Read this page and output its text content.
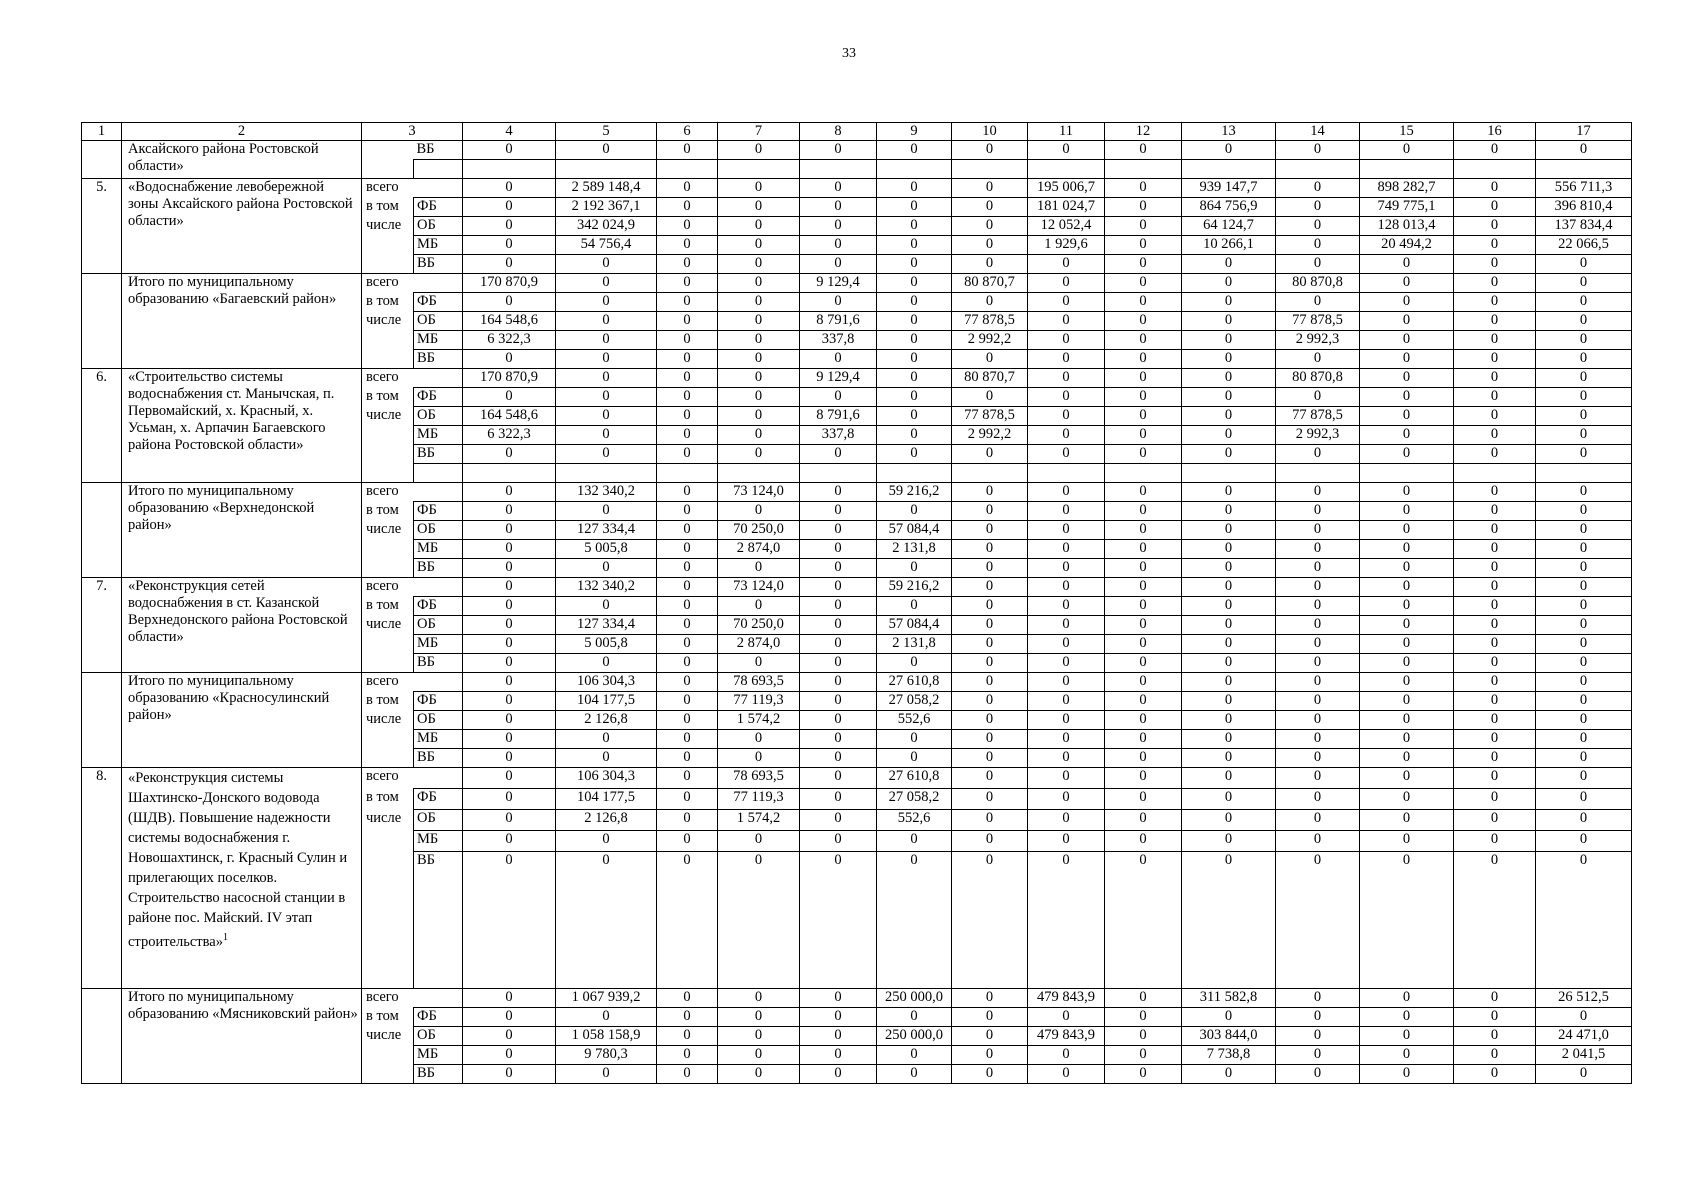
33
1	2	3		4	5	6	7	8	9	10	11	12	13	14	15	16	17
	Аксайского района Ростовской области»		ВБ	0	0	0	0	0	0	0	0	0	0	0	0	0	0

5.	«Водоснабжение левобережной зоны Аксайского района Ростовской области»	всего		0	2 589 148,4	0	0	0	0	0	195 006,7	0	939 147,7	0	898 282,7	0	556 711,3
		в том	ФБ	0	2 192 367,1	0	0	0	0	0	181 024,7	0	864 756,9	0	749 775,1	0	396 810,4
		числе	ОБ	0	342 024,9	0	0	0	0	0	12 052,4	0	64 124,7	0	128 013,4	0	137 834,4
			МБ	0	54 756,4	0	0	0	0	0	1 929,6	0	10 266,1	0	20 494,2	0	22 066,5
			ВБ	0	0	0	0	0	0	0	0	0	0	0	0	0	0
	Итого по муниципальному образованию «Багаевский район»	всего		170 870,9	0	0	0	9 129,4	0	80 870,7	0	0	0	80 870,8	0	0	0
		в том	ФБ	0	0	0	0	0	0	0	0	0	0	0	0	0	0
		числе	ОБ	164 548,6	0	0	0	8 791,6	0	77 878,5	0	0	0	77 878,5	0	0	0
			МБ	6 322,3	0	0	0	337,8	0	2 992,2	0	0	0	2 992,3	0	0	0
			ВБ	0	0	0	0	0	0	0	0	0	0	0	0	0	0
6.	«Строительство системы водоснабжения ст. Манычская, п. Первомайский, х. Красный, х. Усьман, х. Арпачин Багаевского района Ростовской области»	всего		170 870,9	0	0	0	9 129,4	0	80 870,7	0	0	0	80 870,8	0	0	0
		в том	ФБ	0	0	0	0	0	0	0	0	0	0	0	0	0	0
		числе	ОБ	164 548,6	0	0	0	8 791,6	0	77 878,5	0	0	0	77 878,5	0	0	0
			МБ	6 322,3	0	0	0	337,8	0	2 992,2	0	0	0	2 992,3	0	0	0
			ВБ	0	0	0	0	0	0	0	0	0	0	0	0	0	0

	Итого по муниципальному образованию «Верхнедонской район»	всего		0	132 340,2	0	73 124,0	0	59 216,2	0	0	0	0	0	0	0	0
		в том	ФБ	0	0	0	0	0	0	0	0	0	0	0	0	0	0
		числе	ОБ	0	127 334,4	0	70 250,0	0	57 084,4	0	0	0	0	0	0	0	0
			МБ	0	5 005,8	0	2 874,0	0	2 131,8	0	0	0	0	0	0	0	0
			ВБ	0	0	0	0	0	0	0	0	0	0	0	0	0	0
7.	«Реконструкция сетей водоснабжения в ст. Казанской Верхнедонского района Ростовской области»	всего		0	132 340,2	0	73 124,0	0	59 216,2	0	0	0	0	0	0	0	0
		в том	ФБ	0	0	0	0	0	0	0	0	0	0	0	0	0	0
		числе	ОБ	0	127 334,4	0	70 250,0	0	57 084,4	0	0	0	0	0	0	0	0
			МБ	0	5 005,8	0	2 874,0	0	2 131,8	0	0	0	0	0	0	0	0
			ВБ	0	0	0	0	0	0	0	0	0	0	0	0	0	0
	Итого по муниципальному образованию «Красносулинский район»	всего		0	106 304,3	0	78 693,5	0	27 610,8	0	0	0	0	0	0	0	0
		в том	ФБ	0	104 177,5	0	77 119,3	0	27 058,2	0	0	0	0	0	0	0	0
		числе	ОБ	0	2 126,8	0	1 574,2	0	552,6	0	0	0	0	0	0	0	0
			МБ	0	0	0	0	0	0	0	0	0	0	0	0	0	0
			ВБ	0	0	0	0	0	0	0	0	0	0	0	0	0	0
8.	«Реконструкция системы Шахтинско-Донского водовода (ШДВ). Повышение надежности системы водоснабжения г. Новошахтинск, г. Красный Сулин и прилегающих поселков. Строительство насосной станции в районе пос. Майский. IV этап строительства»$^1$	всего		0	106 304,3	0	78 693,5	0	27 610,8	0	0	0	0	0	0	0	0
		в том	ФБ	0	104 177,5	0	77 119,3	0	27 058,2	0	0	0	0	0	0	0	0
		числе	ОБ	0	2 126,8	0	1 574,2	0	552,6	0	0	0	0	0	0	0	0
			МБ	0	0	0	0	0	0	0	0	0	0	0	0	0	0
			ВБ	0	0	0	0	0	0	0	0	0	0	0	0	0	0
	Итого по муниципальному образованию «Мясниковский район»	всего		0	1 067 939,2	0	0	0	250 000,0	0	479 843,9	0	311 582,8	0	0	0	26 512,5
		в том	ФБ	0	0	0	0	0	0	0	0	0	0	0	0	0	0
		числе	ОБ	0	1 058 158,9	0	0	0	250 000,0	0	479 843,9	0	303 844,0	0	0	0	24 471,0
			МБ	0	9 780,3	0	0	0	0	0	0	0	7 738,8	0	0	0	2 041,5
			ВБ	0	0	0	0	0	0	0	0	0	0	0	0	0	0
